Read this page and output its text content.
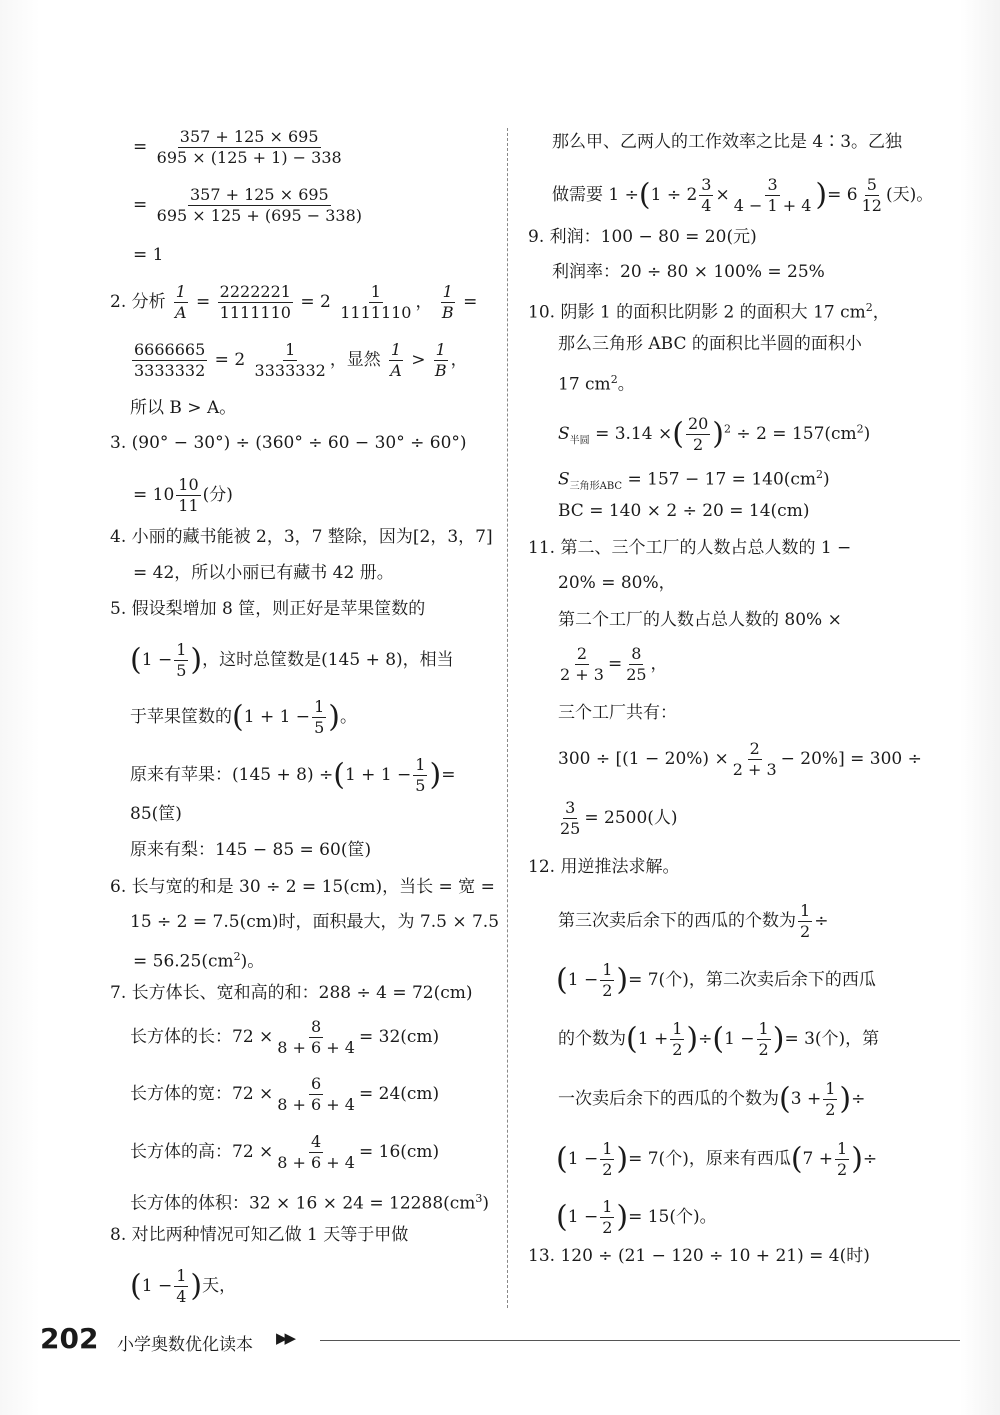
= $\frac{357 + 125 \times 695}{695 \times (125 + 1) - 338}$
= $\frac{357 + 125 \times 695}{695 \times 125 + (695 - 338)}$
= 1
2. 分析 $\frac{1}{A} = \frac{2222221}{1111110} = 2 \frac{1}{1111110}$ ， $\frac{1}{B}$ =
$\frac{6666665}{3333332} = 2 \frac{1}{3333332}$ ，显然 $\frac{1}{A} > \frac{1}{B}$ ，
所以 B > A。
3. (90° − 30°) ÷ (360° ÷ 60 − 30° ÷ 60°)
= $10 \frac{10}{11}$ (分)
4. 小丽的藏书能被 2，3，7 整除，因为[2，3，7]
= 42，所以小丽已有藏书 42 册。
5. 假设梨增加 8 筐，则正好是苹果筐数的
($1 - \frac{1}{5}$ )，这时总筐数是(145 + 8)，相当
于苹果筐数的($1 + 1 - \frac{1}{5}$ )。
原来有苹果：$(145 + 8) \div(1 + 1 - \frac{1}{5}$ )=
85(筐)
原来有梨：145 − 85 = 60(筐)
6. 长与宽的和是 30 ÷ 2 = 15(cm)，当长 = 宽 =
15 ÷ 2 = 7.5(cm)时，面积最大，为 7.5 × 7.5
= $56.25(cm^2)$。
7. 长方体长、宽和高的和：288 ÷ 4 = 72(cm)
长方体的长：$72 \times \frac{8}{8 + 6 + 4} = 32(cm)$
长方体的宽：$72 \times \frac{6}{8 + 6 + 4} = 24(cm)$
长方体的高：$72 \times \frac{4}{8 + 6 + 4} = 16(cm)$
长方体的体积：$32 \times 16 \times 24 = 12288(cm^3)$
8. 对比两种情况可知乙做 1 天等于甲做
($1 - \frac{1}{4}$ )天，
那么甲、乙两人的工作效率之比是 4∶3。乙独
做需要 $1 \div(1 \div 2 \frac{3}{4} \times \frac{3}{4 - 1 + 4}$ )= $6 \frac{5}{12}$ (天)。
9. 利润：100 − 80 = 20(元)
利润率：20 ÷ 80 × 100% = 25%
10. 阴影 1 的面积比阴影 2 的面积大 17 $cm^2$，
那么三角形 ABC 的面积比半圆的面积小
17 $cm^2$。
$S_{半圆} = 3.14$ ×( $\frac{20}{2} )^2 \div 2 = 157(cm^2)$
$S_{三角形ABC} = 157 - 17 = 140(cm^2)$
BC = 140 × 2 ÷ 20 = 14(cm)
11. 第二、三个工厂的人数占总人数的 1 −
20% = 80%，
第二个工厂的人数占总人数的 80% ×
$\frac{2}{2 + 3} = \frac{8}{25}$ ，
三个工厂共有：
$300 \div [(1 - 20\%) \times \frac{2}{2 + 3} - 20\%] = 300$ ÷
$\frac{3}{25} = 2500$(人)
12. 用逆推法求解。
第三次卖后余下的西瓜的个数为 $\frac{1}{2}$ ÷
($1 - \frac{1}{2}$ )= 7(个)，第二次卖后余下的西瓜
的个数为$(1 + \frac{1}{2} )\div(1 - \frac{1}{2}$ )= 3(个)，第
一次卖后余下的西瓜的个数为($3 + \frac{1}{2}$ )÷
($1 - \frac{1}{2}$ )= 7(个)，原来有西瓜($7 + \frac{1}{2}$ )÷
($1 - \frac{1}{2}$ )= 15(个)。
13. 120 ÷ (21 − 120 ÷ 10 + 21) = 4(时)
202 小学奥数优化读本 ▶▶
